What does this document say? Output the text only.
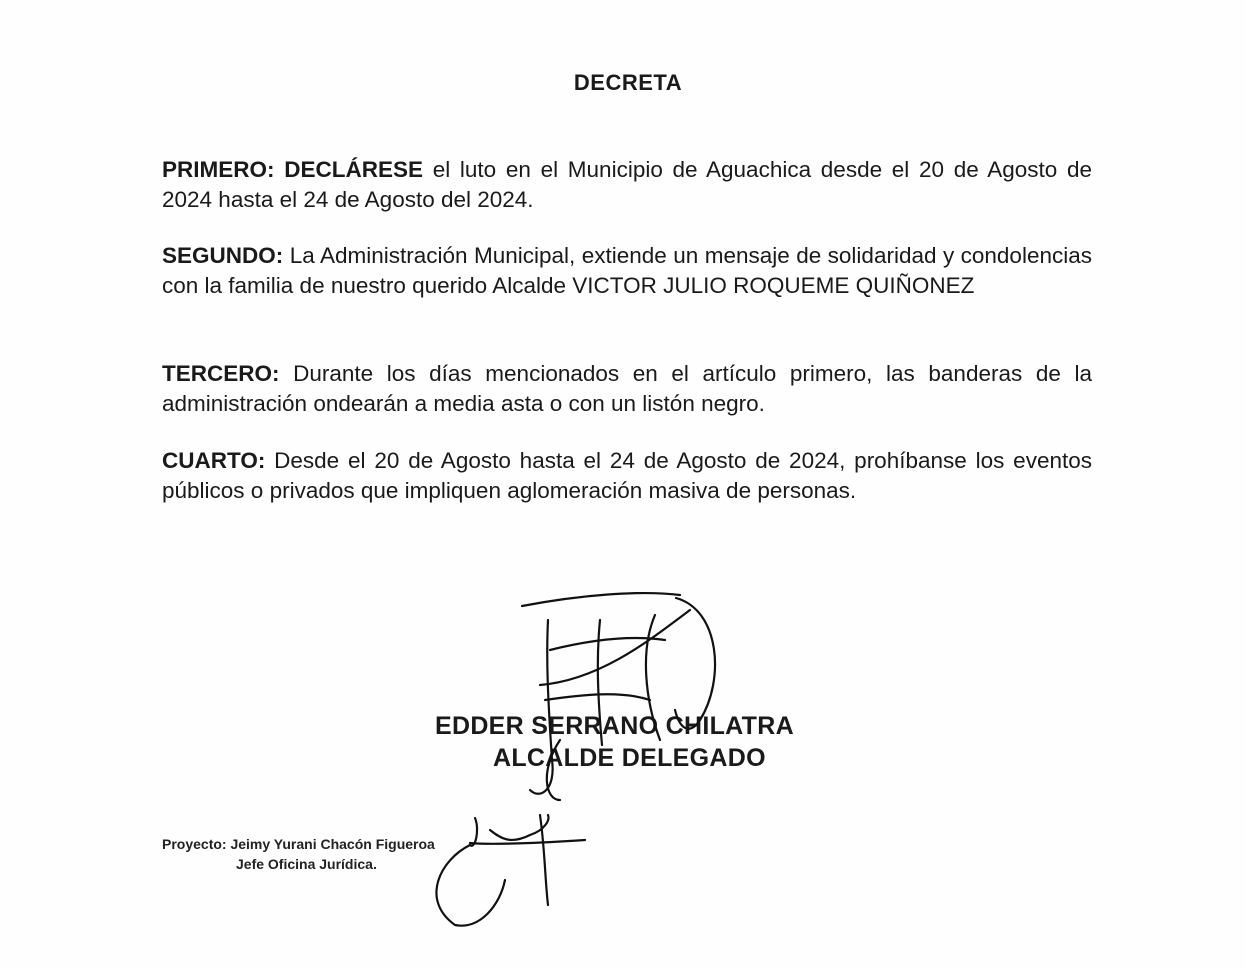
DECRETA
PRIMERO: DECLÁRESE el luto en el Municipio de Aguachica desde el 20 de Agosto de 2024 hasta el 24 de Agosto del 2024.
SEGUNDO: La Administración Municipal, extiende un mensaje de solidaridad y condolencias con la familia de nuestro querido Alcalde VICTOR JULIO ROQUEME QUIÑONEZ
TERCERO: Durante los días mencionados en el artículo primero, las banderas de la administración ondearán a media asta o con un listón negro.
CUARTO: Desde el 20 de Agosto hasta el 24 de Agosto de 2024, prohíbanse los eventos públicos o privados que impliquen aglomeración masiva de personas.
EDDER SERRANO CHILATRA
ALCALDE DELEGADO
Proyecto: Jeimy Yurani Chacón Figueroa
Jefe Oficina Jurídica.
